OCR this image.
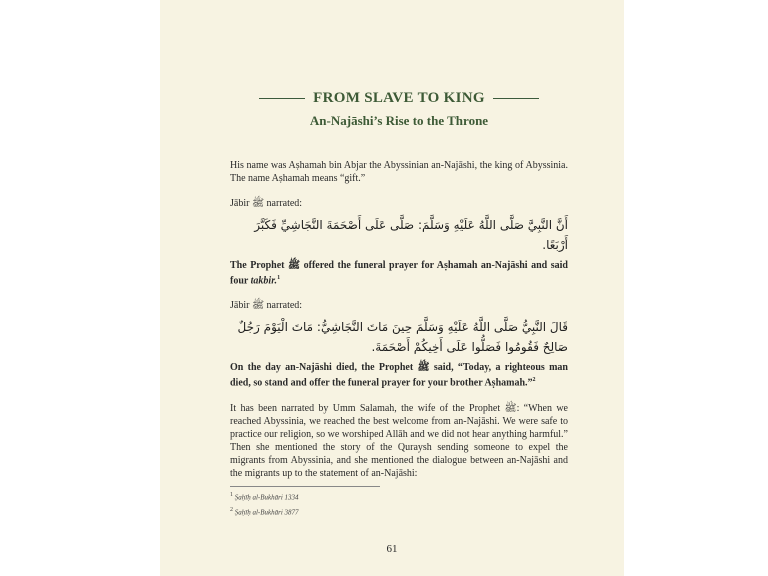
FROM SLAVE TO KING
An-Najāshi’s Rise to the Throne
His name was Aṣhamah bin Abjar the Abyssinian an-Najāshi, the king of Abyssinia. The name Aṣhamah means “gift.”
Jābir ﷺ narrated:
أَنَّ النَّبِيَّ صَلَّى اللَّهُ عَلَيْهِ وَسَلَّمَ: صَلَّى عَلَى أَصْحَمَةَ النَّجَاشِيِّ فَكَبَّرَ أَرْبَعًا.
The Prophet ﷺ offered the funeral prayer for Aṣhamah an-Najāshi and said four takbir.$^1$
Jābir ﷺ narrated:
قَالَ النَّبِيُّ صَلَّى اللَّهُ عَلَيْهِ وَسَلَّمَ حِينَ مَاتَ النَّجَاشِيُّ: مَاتَ الْيَوْمَ رَجُلٌ
صَالِحٌ فَقُومُوا فَصَلُّوا عَلَى أَخِيكُمْ أَصْحَمَةَ.
On the day an-Najāshi died, the Prophet ﷺ said, “Today, a righteous man died, so stand and offer the funeral prayer for your brother Aṣhamah.”$^2$
It has been narrated by Umm Salamah, the wife of the Prophet ﷺ: “When we reached Abyssinia, we reached the best welcome from an-Najāshi. We were safe to practice our religion, so we worshiped Allāh and we did not hear anything harmful.” Then she mentioned the story of the Quraysh sending someone to expel the migrants from Abyssinia, and she mentioned the dialogue between an-Najāshi and the migrants up to the statement of an-Najāshi:
$^1$ Ṣaḥīḥ al-Bukhāri 1334
$^2$ Ṣaḥīḥ al-Bukhāri 3877
61
